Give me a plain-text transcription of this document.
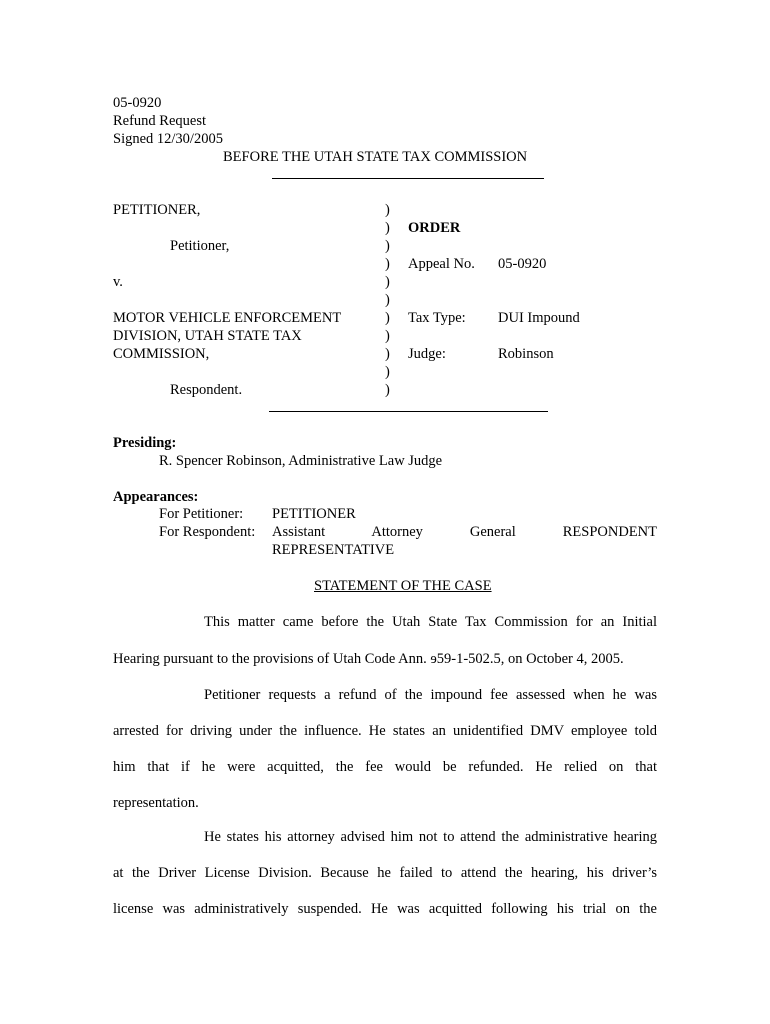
05-0920
Refund Request
Signed 12/30/2005
BEFORE THE UTAH STATE TAX COMMISSION
PETITIONER,
Petitioner,
v.
MOTOR VEHICLE ENFORCEMENT
DIVISION, UTAH STATE TAX
COMMISSION,
Respondent.
)
)
)
)
)
)
)
)
)
)
)
ORDER
Appeal No. 05-0920
Tax Type: DUI Impound
Judge:	Robinson
Presiding:
R. Spencer Robinson, Administrative Law Judge
Appearances:
For Petitioner: PETITIONER
For Respondent: Assistant Attorney General RESPONDENT
REPRESENTATIVE
STATEMENT OF THE CASE
This matter came before the Utah State Tax Commission for an Initial
Hearing pursuant to the provisions of Utah Code Ann. ɘ59-1-502.5, on October 4, 2005.
Petitioner requests a refund of the impound fee assessed when he was
arrested for driving under the influence. He states an unidentified DMV employee told
him that if he were acquitted, the fee would be refunded. He relied on that
representation.
He states his attorney advised him not to attend the administrative hearing
at the Driver License Division. Because he failed to attend the hearing, his driver’s
license was administratively suspended. He was acquitted following his trial on the
